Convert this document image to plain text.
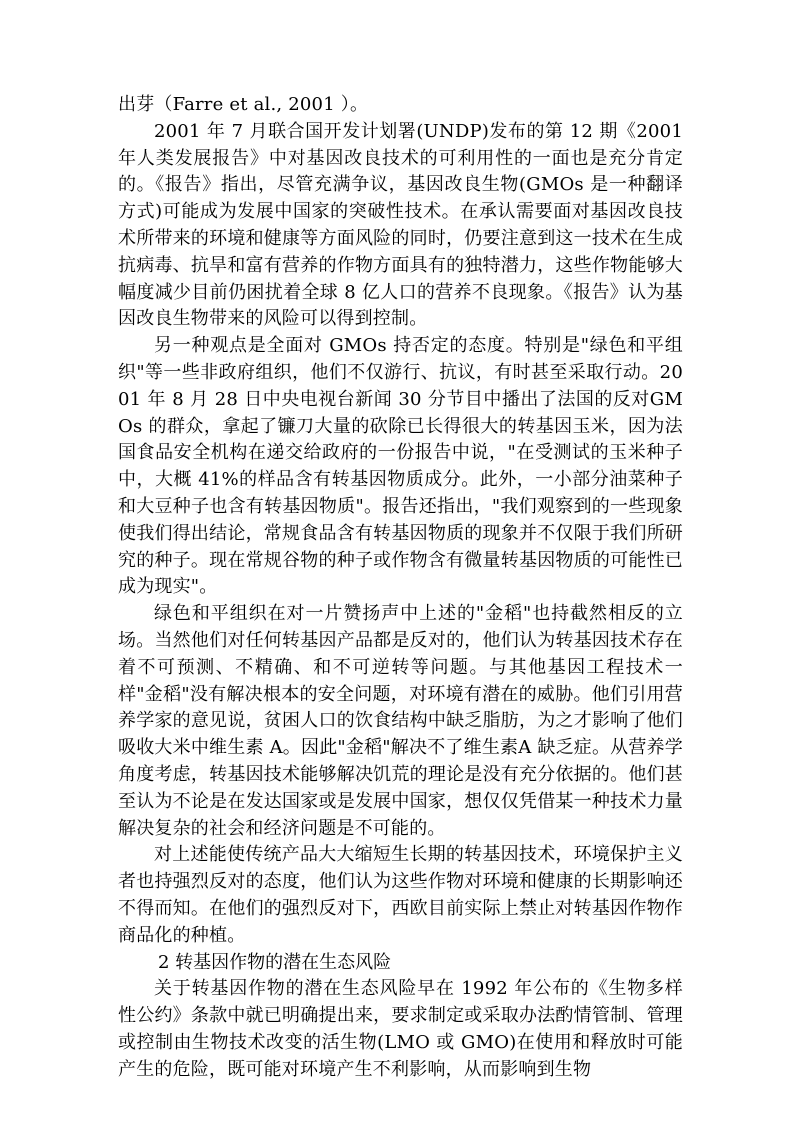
出芽（Farre et al., 2001 ）。

2001 年 7 月联合国开发计划署(UNDP)发布的第 12 期《2001 年人类发展报告》中对基因改良技术的可利用性的一面也是充分肯定的。《报告》指出，尽管充满争议，基因改良生物(GMOs 是一种翻译方式)可能成为发展中国家的突破性技术。在承认需要面对基因改良技术所带来的环境和健康等方面风险的同时，仍要注意到这一技术在生成抗病毒、抗旱和富有营养的作物方面具有的独特潜力，这些作物能够大幅度减少目前仍困扰着全球 8 亿人口的营养不良现象。《报告》认为基因改良生物带来的风险可以得到控制。

另一种观点是全面对 GMOs 持否定的态度。特别是"绿色和平组织"等一些非政府组织，他们不仅游行、抗议，有时甚至采取行动。2001 年 8 月 28 日中央电视台新闻 30 分节目中播出了法国的反对GMOs 的群众，拿起了镰刀大量的砍除已长得很大的转基因玉米，因为法国食品安全机构在递交给政府的一份报告中说，"在受测试的玉米种子中，大概 41%的样品含有转基因物质成分。此外，一小部分油菜种子和大豆种子也含有转基因物质"。报告还指出，"我们观察到的一些现象使我们得出结论，常规食品含有转基因物质的现象并不仅限于我们所研究的种子。现在常规谷物的种子或作物含有微量转基因物质的可能性已成为现实"。

绿色和平组织在对一片赞扬声中上述的"金稻"也持截然相反的立场。当然他们对任何转基因产品都是反对的，他们认为转基因技术存在着不可预测、不精确、和不可逆转等问题。与其他基因工程技术一样"金稻"没有解决根本的安全问题，对环境有潜在的威胁。他们引用营养学家的意见说，贫困人口的饮食结构中缺乏脂肪，为之才影响了他们吸收大米中维生素 A。因此"金稻"解决不了维生素A 缺乏症。从营养学角度考虑，转基因技术能够解决饥荒的理论是没有充分依据的。他们甚至认为不论是在发达国家或是发展中国家，想仅仅凭借某一种技术力量解决复杂的社会和经济问题是不可能的。

对上述能使传统产品大大缩短生长期的转基因技术，环境保护主义者也持强烈反对的态度，他们认为这些作物对环境和健康的长期影响还不得而知。在他们的强烈反对下，西欧目前实际上禁止对转基因作物作商品化的种植。

2 转基因作物的潜在生态风险

关于转基因作物的潜在生态风险早在 1992 年公布的《生物多样性公约》条款中就已明确提出来，要求制定或采取办法酌情管制、管理或控制由生物技术改变的活生物(LMO 或 GMO)在使用和释放时可能产生的危险，既可能对环境产生不利影响，从而影响到生物
